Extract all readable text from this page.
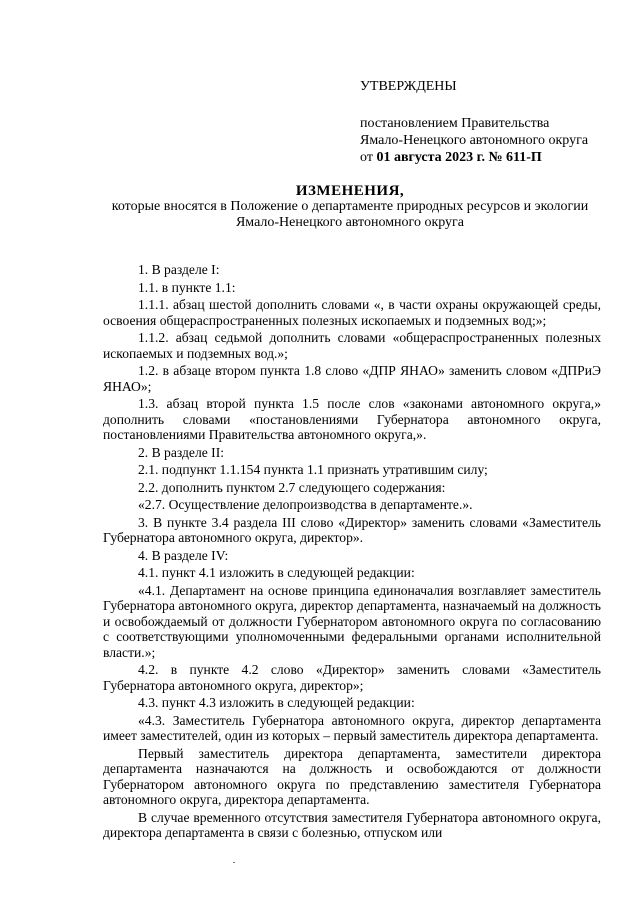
УТВЕРЖДЕНЫ
постановлением Правительства
Ямало-Ненецкого автономного округа
от 01 августа 2023 г. № 611-П
ИЗМЕНЕНИЯ,
которые вносятся в Положение о департаменте природных ресурсов и экологии
Ямало-Ненецкого автономного округа

1. В разделе I:

1.1. в пункте 1.1:

1.1.1. абзац шестой дополнить словами «, в части охраны окружающей среды, освоения общераспространенных полезных ископаемых и подземных вод;»;

1.1.2. абзац седьмой дополнить словами «общераспространенных полезных ископаемых и подземных вод.»;

1.2. в абзаце втором пункта 1.8 слово «ДПР ЯНАО» заменить словом «ДПРиЭ ЯНАО»;

1.3. абзац второй пункта 1.5 после слов «законами автономного округа,» дополнить словами «постановлениями Губернатора автономного округа, постановлениями Правительства автономного округа,».

2. В разделе II:

2.1. подпункт 1.1.154 пункта 1.1 признать утратившим силу;

2.2. дополнить пунктом 2.7 следующего содержания:

«2.7. Осуществление делопроизводства в департаменте.».

3. В пункте 3.4 раздела III слово «Директор» заменить словами «Заместитель Губернатора автономного округа, директор».

4. В разделе IV:

4.1. пункт 4.1 изложить в следующей редакции:

«4.1. Департамент на основе принципа единоначалия возглавляет заместитель Губернатора автономного округа, директор департамента, назначаемый на должность и освобождаемый от должности Губернатором автономного округа по согласованию с соответствующими уполномоченными федеральными органами исполнительной власти.»;

4.2. в пункте 4.2 слово «Директор» заменить словами «Заместитель Губернатора автономного округа, директор»;

4.3. пункт 4.3 изложить в следующей редакции:

«4.3. Заместитель Губернатора автономного округа, директор департамента имеет заместителей, один из которых – первый заместитель директора департамента.

Первый заместитель директора департамента, заместители директора департамента назначаются на должность и освобождаются от должности Губернатором автономного округа по представлению заместителя Губернатора автономного округа, директора департамента.

В случае временного отсутствия заместителя Губернатора автономного округа, директора департамента в связи с болезнью, отпуском или
